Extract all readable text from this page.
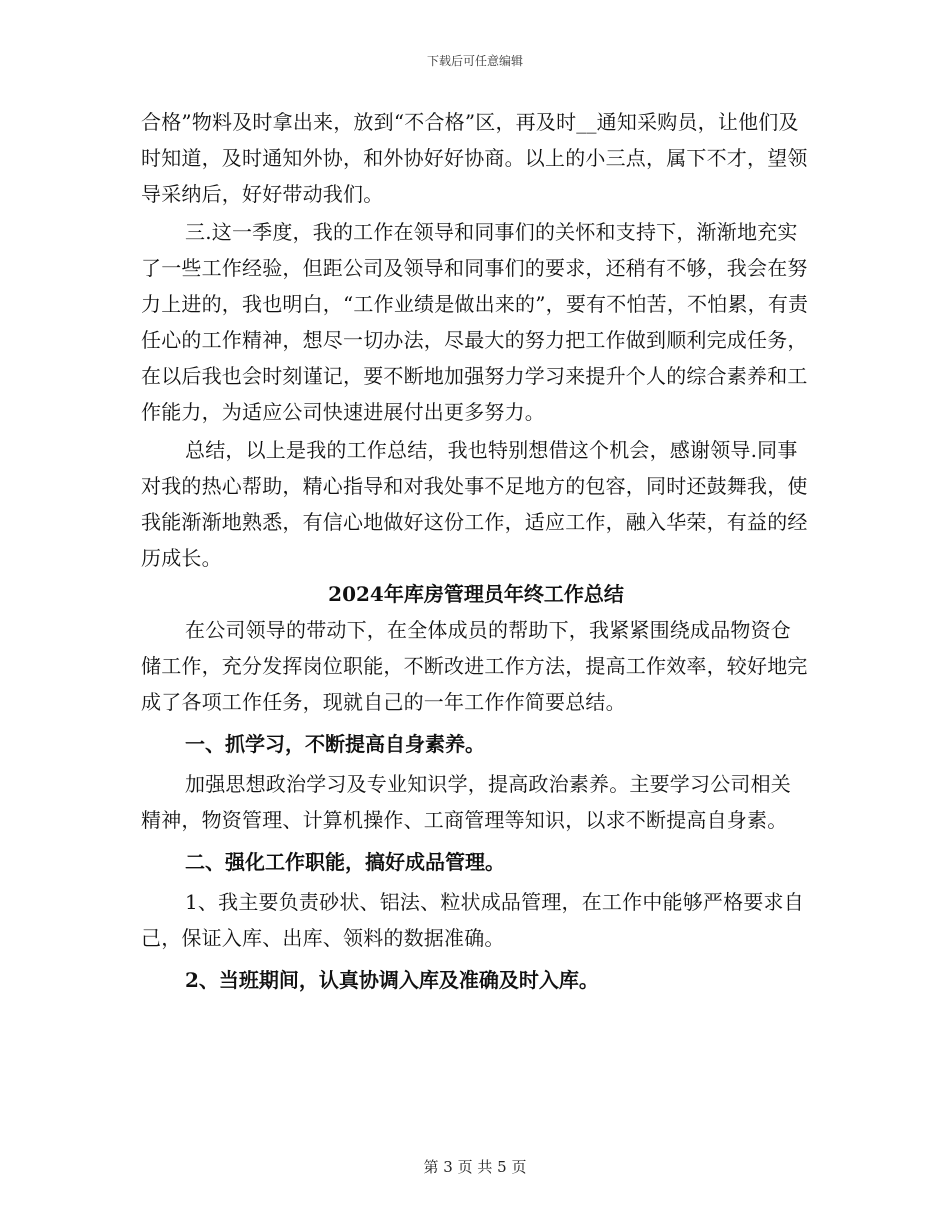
下载后可任意编辑

合格”物料及时拿出来，放到“不合格”区，再及时__通知采购员，让他们及时知道，及时通知外协，和外协好好协商。以上的小三点，属下不才，望领导采纳后，好好带动我们。

三.这一季度，我的工作在领导和同事们的关怀和支持下，渐渐地充实了一些工作经验，但距公司及领导和同事们的要求，还稍有不够，我会在努力上进的，我也明白，“工作业绩是做出来的”，要有不怕苦，不怕累，有责任心的工作精神，想尽一切办法，尽最大的努力把工作做到顺利完成任务，在以后我也会时刻谨记，要不断地加强努力学习来提升个人的综合素养和工作能力，为适应公司快速进展付出更多努力。

总结，以上是我的工作总结，我也特别想借这个机会，感谢领导.同事对我的热心帮助，精心指导和对我处事不足地方的包容，同时还鼓舞我，使我能渐渐地熟悉，有信心地做好这份工作，适应工作，融入华荣，有益的经历成长。

2024年库房管理员年终工作总结

在公司领导的带动下，在全体成员的帮助下，我紧紧围绕成品物资仓储工作，充分发挥岗位职能，不断改进工作方法，提高工作效率，较好地完成了各项工作任务，现就自己的一年工作作简要总结。

一、抓学习，不断提高自身素养。

加强思想政治学习及专业知识学，提高政治素养。主要学习公司相关精神，物资管理、计算机操作、工商管理等知识，以求不断提高自身素。

二、强化工作职能，搞好成品管理。

1、我主要负责砂状、铝法、粒状成品管理，在工作中能够严格要求自己，保证入库、出库、领料的数据准确。

2、当班期间，认真协调入库及准确及时入库。

第 3 页 共 5 页
